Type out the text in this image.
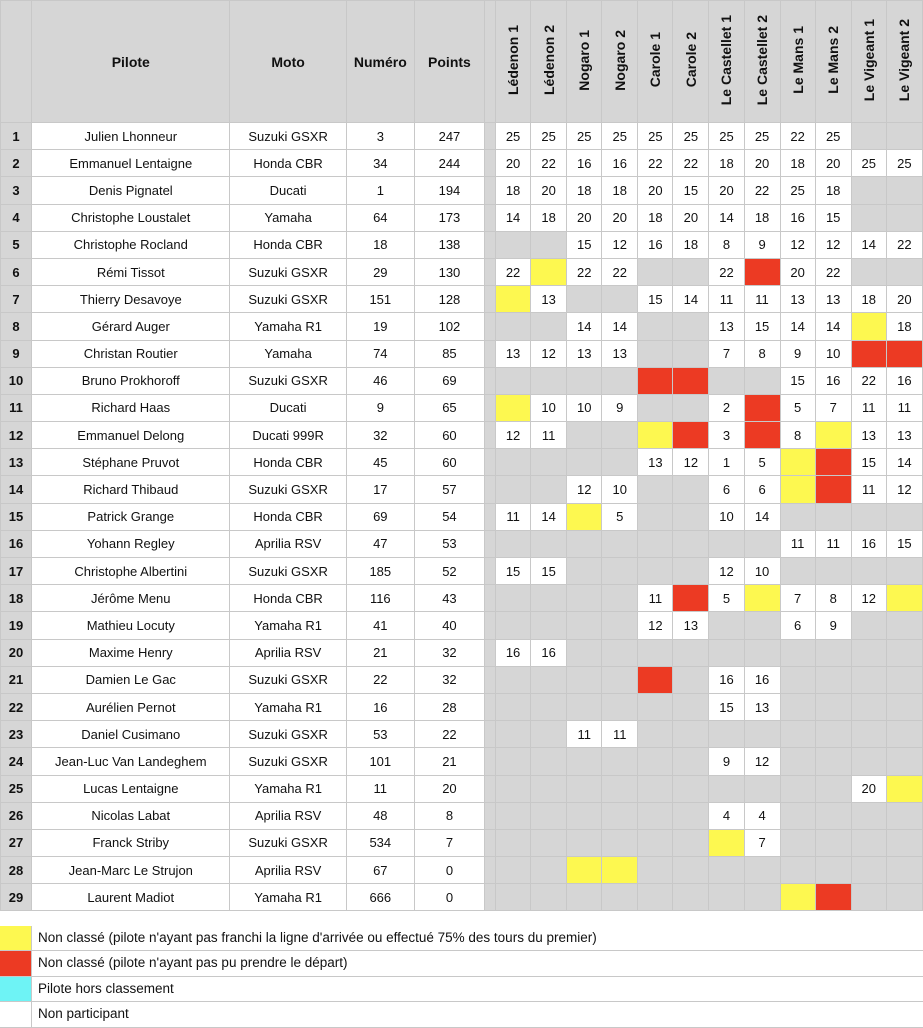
	Pilote	Moto	Numéro	Points		Lédenon 1	Lédenon 2	Nogaro 1	Nogaro 2	Carole 1	Carole 2	Le Castellet 1	Le Castellet 2	Le Mans 1	Le Mans 2	Le Vigeant 1	Le Vigeant 2
1	Julien Lhonneur	Suzuki GSXR	3	247		25	25	25	25	25	25	25	25	22	25		
2	Emmanuel Lentaigne	Honda CBR	34	244		20	22	16	16	22	22	18	20	18	20	25	25
3	Denis Pignatel	Ducati	1	194		18	20	18	18	20	15	20	22	25	18		
4	Christophe Loustalet	Yamaha	64	173		14	18	20	20	18	20	14	18	16	15		
5	Christophe Rocland	Honda CBR	18	138				15	12	16	18	8	9	12	12	14	22
6	Rémi Tissot	Suzuki GSXR	29	130		22		22	22			22		20	22		
7	Thierry Desavoye	Suzuki GSXR	151	128			13			15	14	11	11	13	13	18	20
8	Gérard Auger	Yamaha R1	19	102				14	14			13	15	14	14		18
9	Christan Routier	Yamaha	74	85		13	12	13	13			7	8	9	10		
10	Bruno Prokhoroff	Suzuki GSXR	46	69										15	16	22	16
11	Richard Haas	Ducati	9	65			10	10	9			2		5	7	11	11
12	Emmanuel Delong	Ducati 999R	32	60		12	11					3		8		13	13
13	Stéphane Pruvot	Honda CBR	45	60						13	12	1	5			15	14
14	Richard Thibaud	Suzuki GSXR	17	57				12	10			6	6			11	12
15	Patrick Grange	Honda CBR	69	54		11	14		5			10	14				
16	Yohann Regley	Aprilia RSV	47	53										11	11	16	15
17	Christophe Albertini	Suzuki GSXR	185	52		15	15					12	10				
18	Jérôme Menu	Honda CBR	116	43						11		5		7	8	12	
19	Mathieu Locuty	Yamaha R1	41	40						12	13			6	9		
20	Maxime Henry	Aprilia RSV	21	32		16	16										
21	Damien Le Gac	Suzuki GSXR	22	32								16	16				
22	Aurélien Pernot	Yamaha R1	16	28								15	13				
23	Daniel Cusimano	Suzuki GSXR	53	22				11	11								
24	Jean-Luc Van Landeghem	Suzuki GSXR	101	21								9	12				
25	Lucas Lentaigne	Yamaha R1	11	20												20	
26	Nicolas Labat	Aprilia RSV	48	8								4	4				
27	Franck Striby	Suzuki GSXR	534	7									7				
28	Jean-Marc Le Strujon	Aprilia RSV	67	0													
29	Laurent Madiot	Yamaha R1	666	0													
Non classé (pilote n'ayant pas franchi la ligne d'arrivée ou effectué 75% des tours du premier)
Non classé (pilote n'ayant pas pu prendre le départ)
Pilote hors classement
Non participant
